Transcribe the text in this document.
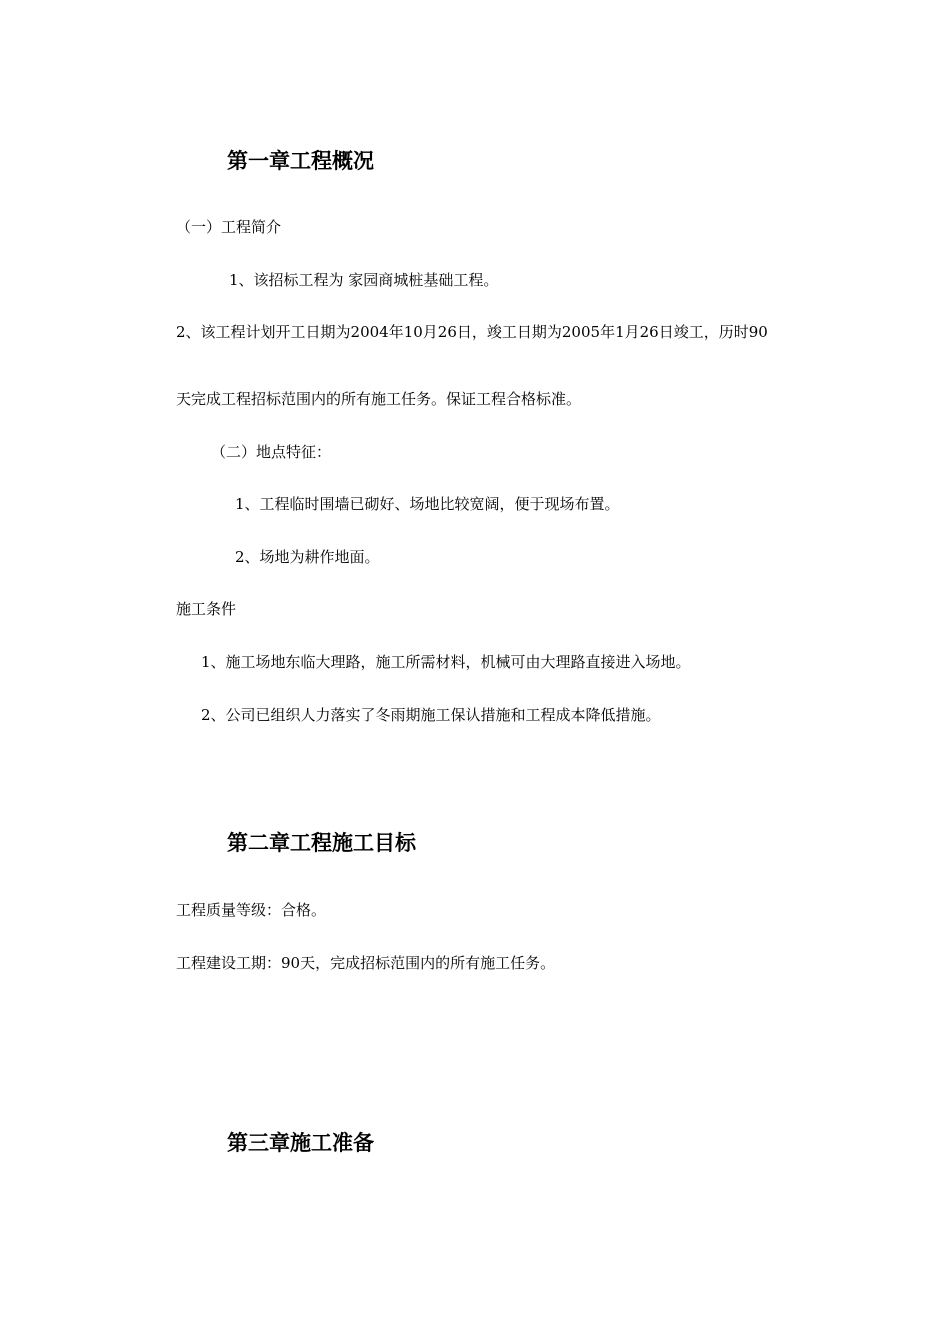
第一章工程概况

（一）工程简介

1、该招标工程为 家园商城桩基础工程。

2、该工程计划开工日期为2004年10月26日，竣工日期为2005年1月26日竣工，历时90

天完成工程招标范围内的所有施工任务。保证工程合格标准。

（二）地点特征：

1、工程临时围墙已砌好、场地比较宽阔，便于现场布置。

2、场地为耕作地面。

施工条件

1、施工场地东临大理路，施工所需材料，机械可由大理路直接进入场地。

2、公司已组织人力落实了冬雨期施工保认措施和工程成本降低措施。

第二章工程施工目标

工程质量等级：合格。

工程建设工期：90天，完成招标范围内的所有施工任务。

第三章施工准备
